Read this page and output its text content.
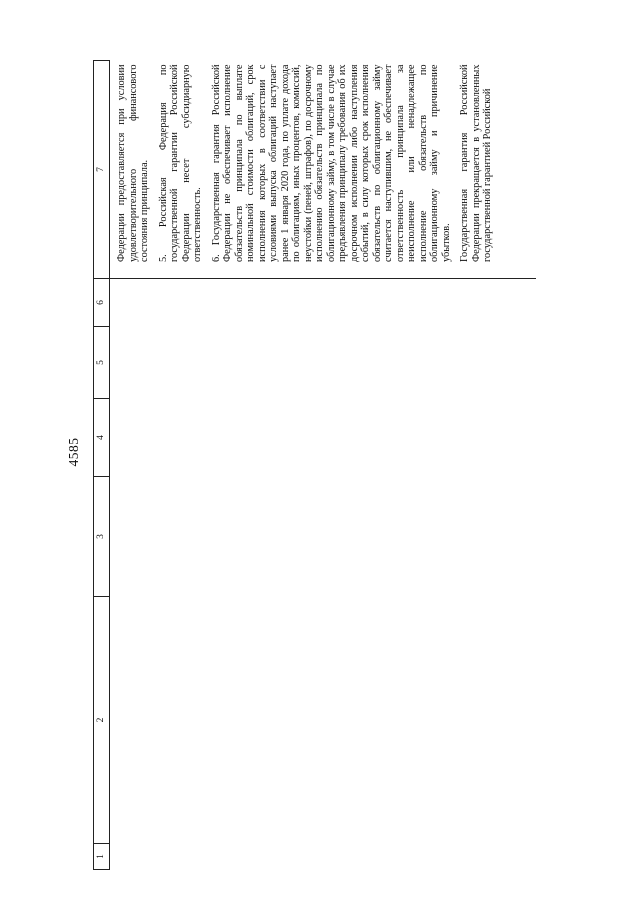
4585
1	2	3	4	5	6	7

						Федерации предоставляется при условии удовлетворительного финансового состояния принципала. 5. Российская Федерация по государственной гарантии Российской Федерации несет субсидиарную ответственность. 6. Государственная гарантия Российской Федерации не обеспечивает исполнение обязательств принципала по выплате номинальной стоимости облигаций, срок исполнения которых в соответствии с условиями выпуска облигаций наступает ранее 1 января 2020 года, по уплате дохода по облигациям, иных процентов, комиссий, неустойки (пеней, штрафов), по досрочному исполнению обязательств принципала по облигационному займу, в том числе в случае предъявления принципалу требования об их досрочном исполнении либо наступления событий, в силу которых срок исполнения обязательств по облигационному займу считается наступившим, не обеспечивает ответственность принципала за неисполнение или ненадлежащее исполнение обязательств по облигационному займу и причинение убытков. Государственная гарантия Российской Федерации прекращается в установленных государственной гарантией Российской
